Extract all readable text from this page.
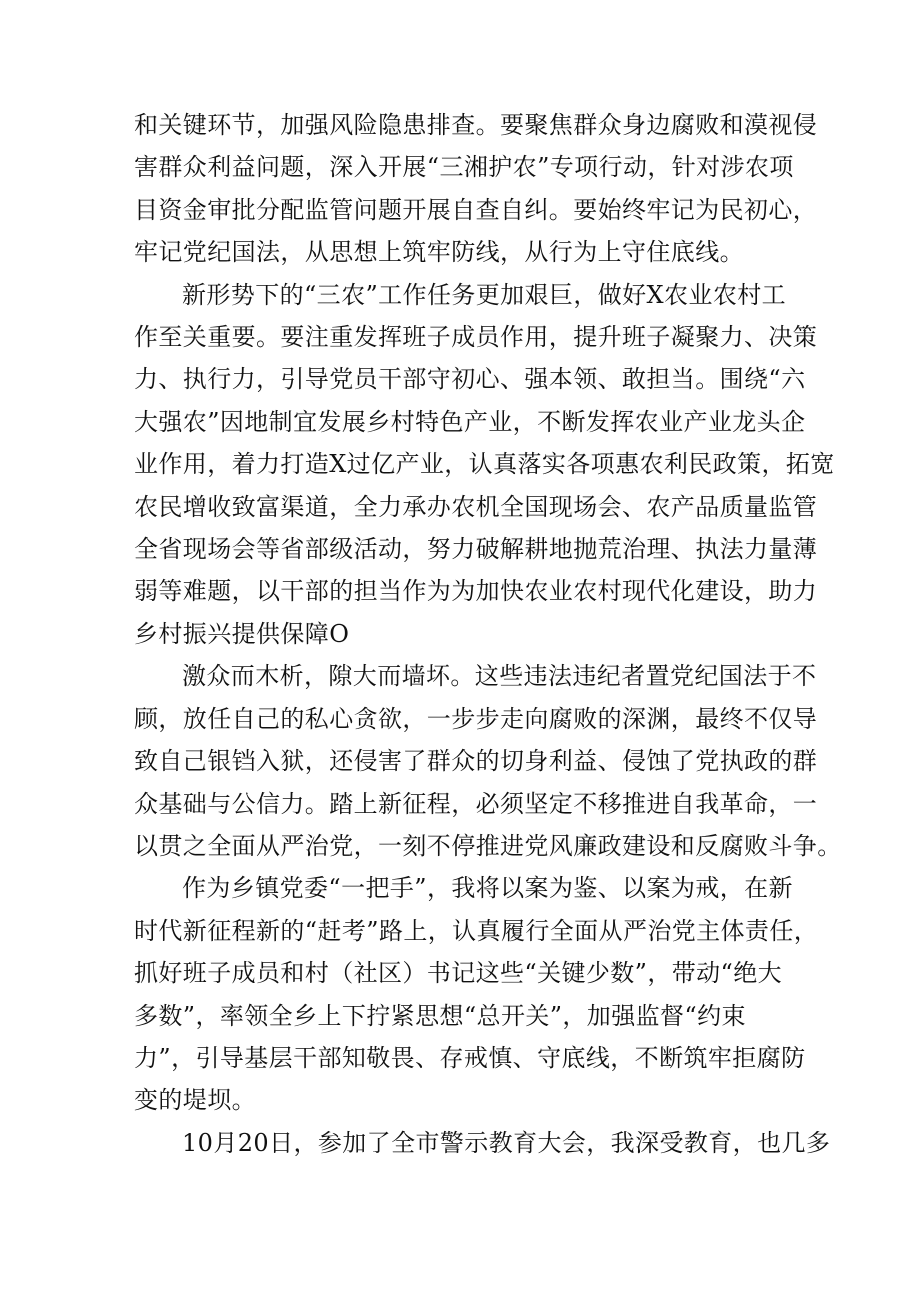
和关键环节，加强风险隐患排查。要聚焦群众身边腐败和漠视侵
害群众利益问题，深入开展“三湘护农”专项行动，针对涉农项
目资金审批分配监管问题开展自查自纠。要始终牢记为民初心，
牢记党纪国法，从思想上筑牢防线，从行为上守住底线。

新形势下的“三农”工作任务更加艰巨，做好X农业农村工
作至关重要。要注重发挥班子成员作用，提升班子凝聚力、决策
力、执行力，引导党员干部守初心、强本领、敢担当。围绕“六
大强农”因地制宜发展乡村特色产业，不断发挥农业产业龙头企
业作用，着力打造X过亿产业，认真落实各项惠农利民政策，拓宽
农民增收致富渠道，全力承办农机全国现场会、农产品质量监管
全省现场会等省部级活动，努力破解耕地抛荒治理、执法力量薄
弱等难题，以干部的担当作为为加快农业农村现代化建设，助力
乡村振兴提供保障O

激众而木析，隙大而墙坏。这些违法违纪者置党纪国法于不
顾，放任自己的私心贪欲，一步步走向腐败的深渊，最终不仅导
致自己银铛入狱，还侵害了群众的切身利益、侵蚀了党执政的群
众基础与公信力。踏上新征程，必须坚定不移推进自我革命，一
以贯之全面从严治党，一刻不停推进党风廉政建设和反腐败斗争。

作为乡镇党委“一把手”，我将以案为鉴、以案为戒，在新
时代新征程新的“赶考”路上，认真履行全面从严治党主体责任，
抓好班子成员和村（社区）书记这些“关键少数”，带动“绝大
多数”，率领全乡上下拧紧思想“总开关”，加强监督“约束
力”，引导基层干部知敬畏、存戒慎、守底线，不断筑牢拒腐防
变的堤坝。

10月20日，参加了全市警示教育大会，我深受教育，也几多
